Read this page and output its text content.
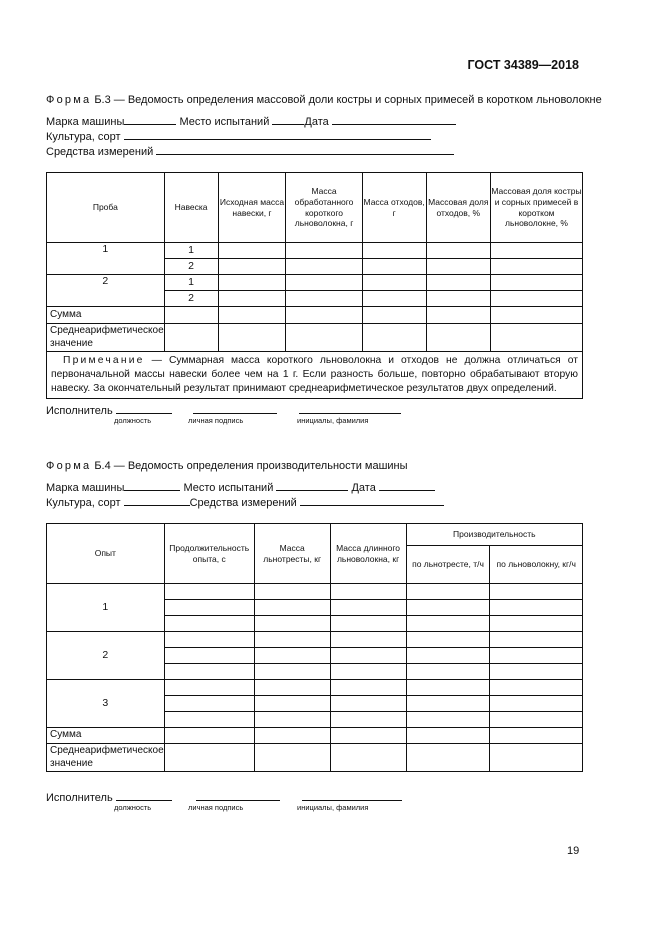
ГОСТ 34389—2018
Форма Б.3 — Ведомость определения массовой доли костры и сорных примесей в коротком льноволокне
Марка машины	Место испытаний	Дата
Культура, сорт
Средства измерений
Проба	Навеска	Исходная масса навески, г	Масса обработанного короткого льноволокна, г	Масса отходов, г	Массовая доля отходов, %	Массовая доля костры и сорных примесей в коротком льноволокне, %
1	1					
	2					
2	1					
	2					
Сумма						
Среднеарифметическое значение						
Примечание — Суммарная масса короткого льноволокна и отходов не должна отличаться от первоначальной массы навески более чем на 1 г. Если разность больше, повторно обрабатывают вторую навеску. За окончательный результат принимают среднеарифметическое результатов двух определений.						
Исполнитель
должность	личная подпись	инициалы, фамилия
Форма Б.4 — Ведомость определения производительности машины
Марка машины	Место испытаний	Дата
Культура, сорт	Средства измерений
Опыт	Продолжительность опыта, с	Масса льнотресты, кг	Масса длинного льноволокна, кг	Производительность	
				по льнотресте, т/ч	по льноволокну, кг/ч
1					

2					

3					

Сумма					
Среднеарифметическое значение					
Исполнитель
должность	личная подпись	инициалы, фамилия
19
